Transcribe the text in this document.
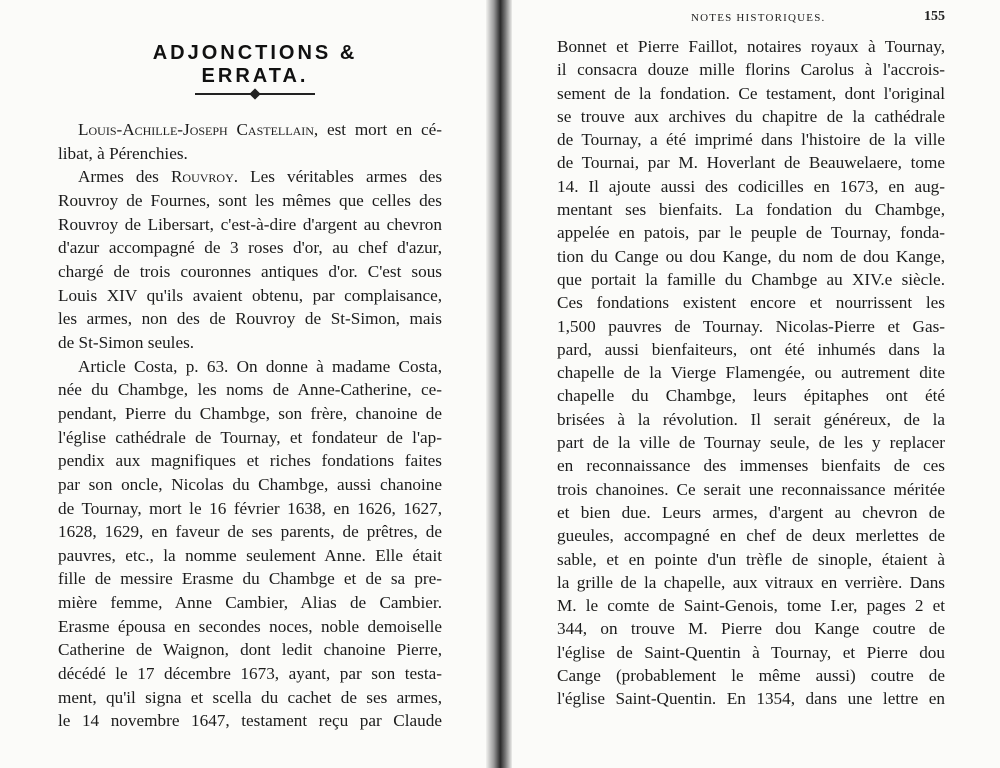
ADJONCTIONS & ERRATA.
Louis-Achille-Joseph Castellain, est mort en cé-
libat, à Pérenchies.
Armes des Rouvroy. Les véritables armes des
Rouvroy de Fournes, sont les mêmes que celles des
Rouvroy de Libersart, c'est-à-dire d'argent au chevron
d'azur accompagné de 3 roses d'or, au chef d'azur,
chargé de trois couronnes antiques d'or. C'est sous
Louis XIV qu'ils avaient obtenu, par complaisance,
les armes, non des de Rouvroy de St-Simon, mais
de St-Simon seules.
Article Costa, p. 63. On donne à madame Costa,
née du Chambge, les noms de Anne-Catherine, ce-
pendant, Pierre du Chambge, son frère, chanoine de
l'église cathédrale de Tournay, et fondateur de l'ap-
pendix aux magnifiques et riches fondations faites
par son oncle, Nicolas du Chambge, aussi chanoine
de Tournay, mort le 16 février 1638, en 1626, 1627,
1628, 1629, en faveur de ses parents, de prêtres, de
pauvres, etc., la nomme seulement Anne. Elle était
fille de messire Erasme du Chambge et de sa pre-
mière femme, Anne Cambier, Alias de Cambier.
Erasme épousa en secondes noces, noble demoiselle
Catherine de Waignon, dont ledit chanoine Pierre,
décédé le 17 décembre 1673, ayant, par son testa-
ment, qu'il signa et scella du cachet de ses armes,
le 14 novembre 1647, testament reçu par Claude
NOTES HISTORIQUES.	155
Bonnet et Pierre Faillot, notaires royaux à Tournay,
il consacra douze mille florins Carolus à l'accrois-
sement de la fondation. Ce testament, dont l'original
se trouve aux archives du chapitre de la cathédrale
de Tournay, a été imprimé dans l'histoire de la ville
de Tournai, par M. Hoverlant de Beauwelaere, tome
14. Il ajoute aussi des codicilles en 1673, en aug-
mentant ses bienfaits. La fondation du Chambge,
appelée en patois, par le peuple de Tournay, fonda-
tion du Cange ou dou Kange, du nom de dou Kange,
que portait la famille du Chambge au XIV.e siècle.
Ces fondations existent encore et nourrissent les
1,500 pauvres de Tournay. Nicolas-Pierre et Gas-
pard, aussi bienfaiteurs, ont été inhumés dans la
chapelle de la Vierge Flamengée, ou autrement dite
chapelle du Chambge, leurs épitaphes ont été
brisées à la révolution. Il serait généreux, de la
part de la ville de Tournay seule, de les y replacer
en reconnaissance des immenses bienfaits de ces
trois chanoines. Ce serait une reconnaissance méritée
et bien due. Leurs armes, d'argent au chevron de
gueules, accompagné en chef de deux merlettes de
sable, et en pointe d'un trèfle de sinople, étaient à
la grille de la chapelle, aux vitraux en verrière. Dans
M. le comte de Saint-Genois, tome I.er, pages 2 et
344, on trouve M. Pierre dou Kange coutre de
l'église de Saint-Quentin à Tournay, et Pierre dou
Cange (probablement le même aussi) coutre de
l'église Saint-Quentin. En 1354, dans une lettre en
